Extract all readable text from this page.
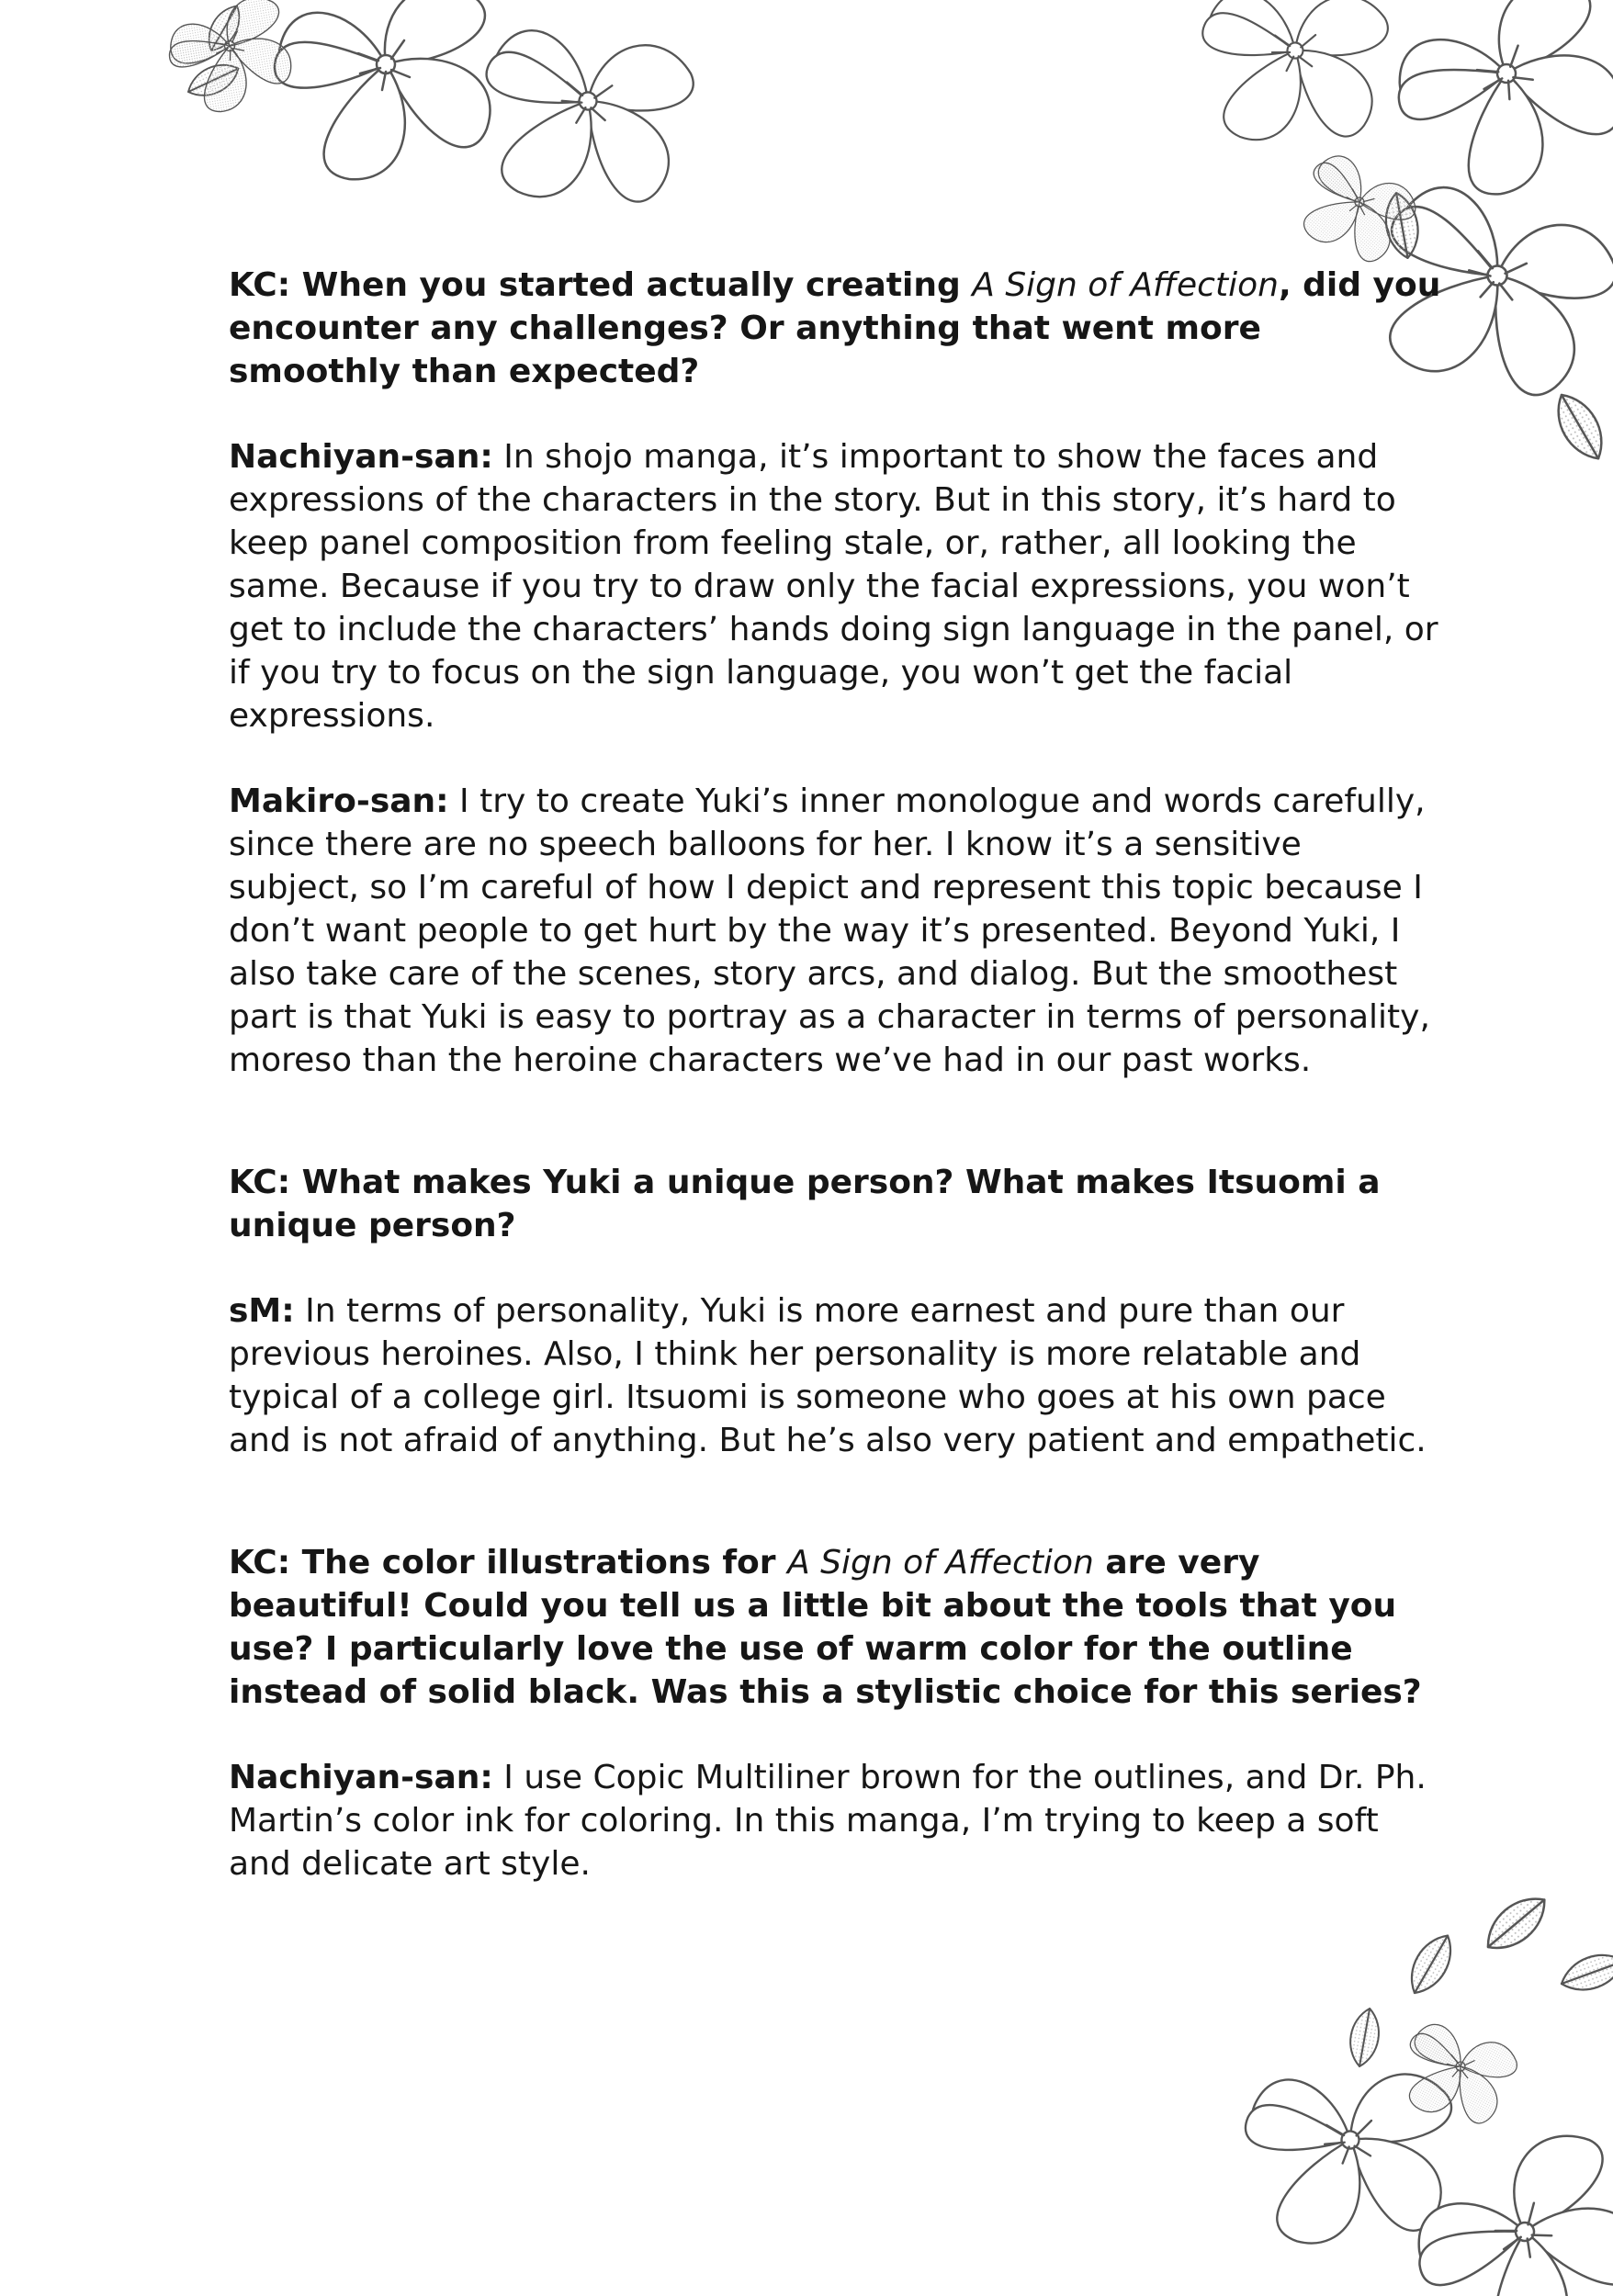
KC: When you started actually creating A Sign of Affection, did you encounter any challenges? Or anything that went more smoothly than expected?

Nachiyan-san: In shojo manga, it’s important to show the faces and expressions of the characters in the story. But in this story, it’s hard to keep panel composition from feeling stale, or, rather, all looking the same. Because if you try to draw only the facial expressions, you won’t get to include the characters’ hands doing sign language in the panel, or if you try to focus on the sign language, you won’t get the facial expressions.

Makiro-san: I try to create Yuki’s inner monologue and words carefully, since there are no speech balloons for her. I know it’s a sensitive subject, so I’m careful of how I depict and represent this topic because I don’t want people to get hurt by the way it’s presented. Beyond Yuki, I also take care of the scenes, story arcs, and dialog. But the smoothest part is that Yuki is easy to portray as a character in terms of personality, moreso than the heroine characters we’ve had in our past works.

KC: What makes Yuki a unique person? What makes Itsuomi a unique person?

sM: In terms of personality, Yuki is more earnest and pure than our previous heroines. Also, I think her personality is more relatable and typical of a college girl. Itsuomi is someone who goes at his own pace and is not afraid of anything. But he’s also very patient and empathetic.

KC: The color illustrations for A Sign of Affection are very beautiful! Could you tell us a little bit about the tools that you use? I particularly love the use of warm color for the outline instead of solid black. Was this a stylistic choice for this series?

Nachiyan-san: I use Copic Multiliner brown for the outlines, and Dr. Ph. Martin’s color ink for coloring. In this manga, I’m trying to keep a soft and delicate art style.
